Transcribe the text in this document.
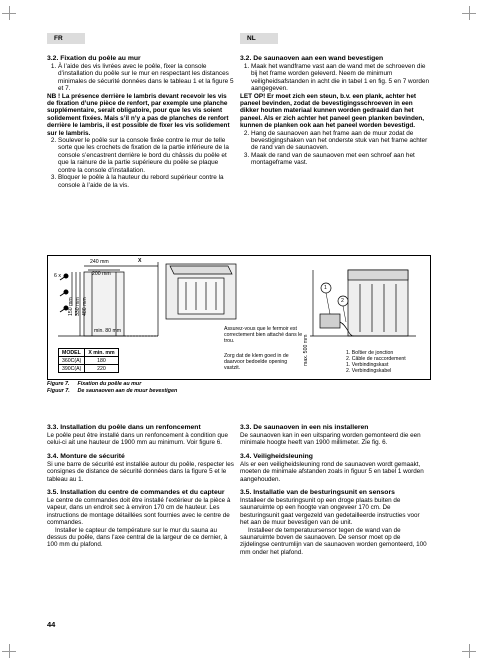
FR	NL

3.2. Fixation du poêle au mur

1. À l’aide des vis livrées avec le poêle, fixer la console d’installation du poêle sur le mur en respectant les distances minimales de sécurité données dans le tableau 1 et la figure 5 et 7.

NB ! La présence derrière le lambris devant recevoir les vis de fixation d’une pièce de renfort, par exemple une planche supplémentaire, serait obligatoire, pour que les vis soient solidement fixées. Mais s’il n’y a pas de planches de renfort derrière le lambris, il est possible de fixer les vis solidement sur le lambris.

2. Soulever le poêle sur la console fixée contre le mur de telle sorte que les crochets de fixation de la partie inférieure de la console s’encastrent derrière le bord du châssis du poêle et que la rainure de la partie supérieure du poêle se plaque contre la console d’installation.
3. Bloquer le poêle à la hauteur du rebord supérieur contre la console à l’aide de la vis.

3.2. De saunaoven aan een wand bevestigen

1. Maak het wandframe vast aan de wand met de schroeven die bij het frame worden geleverd. Neem de minimum veiligheidsafstanden in acht die in tabel 1 en fig. 5 en 7 worden aangegeven.

LET OP! Er moet zich een steun, b.v. een plank, achter het paneel bevinden, zodat de bevestigingsschroeven in een dikker houten materiaal kunnen worden gedraaid dan het paneel. Als er zich achter het paneel geen planken bevinden, kunnen de planken ook aan het paneel worden bevestigd.

2. Hang de saunaoven aan het frame aan de muur zodat de bevestigingshaken van het onderste stuk van het frame achter de rand van de saunaoven.
3. Maak de rand van de saunaoven met een schroef aan het montageframe vast.
6 x
X
240 mm
200 mm
150 mm 330 mm 480 mm
min. 80 mm
max. 500 mm
MODEL	X min. mm
360C(A)	180
390C(A)	220
Assurez-vous que le fermoir est correctement bien attaché dans le trou.
Zorg dat de klem goed in de daarvoor bedoelde opening vastzit.
1
2
1. Boîtier de jonction
2. Câble de raccordement
1. Verbindingskast
2. Verbindingskabel
Figure 7. Fixation du poêle au mur
Figuur 7. De saunaoven aan de muur bevestigen

3.3. Installation du poêle dans un renfoncement

Le poêle peut être installé dans un renfoncement à condition que celui-ci ait une hauteur de 1900 mm au minimum. Voir figure 6.

3.4. Monture de sécurité

Si une barre de sécurité est installée autour du poêle, respecter les consignes de distance de sécurité données dans la figure 5 et le tableau au 1.

3.5. Installation du centre de commandes et du capteur

Le centre de commandes doit être installé l’extérieur de la pièce à vapeur, dans un endroit sec à environ 170 cm de hauteur. Les instructions de montage détaillées sont fournies avec le centre de commandes.

Installer le capteur de température sur le mur du sauna au dessus du poêle, dans l’axe central de la largeur de ce dernier, à 100 mm du plafond.

3.3. De saunaoven in een nis installeren

De saunaoven kan in een uitsparing worden gemonteerd die een minimale hoogte heeft van 1900 millimeter. Zie fig. 6.

3.4. Veiligheidsleuning

Als er een veiligheidsleuning rond de saunaoven wordt gemaakt, moeten de minimale afstanden zoals in figuur 5 en tabel 1 worden aangehouden.

3.5. Installatie van de besturingsunit en sensors

Installeer de besturingsunit op een droge plaats buiten de saunaruimte op een hoogte van ongeveer 170 cm. De besturingsunit gaat vergezeld van gedetailleerde instructies voor het aan de muur bevestigen van de unit.

Installeer de temperatuursensor tegen de wand van de saunaruimte boven de saunaoven. De sensor moet op de zijdelingse centrumlijn van de saunaoven worden gemonteerd, 100 mm onder het plafond.

44
